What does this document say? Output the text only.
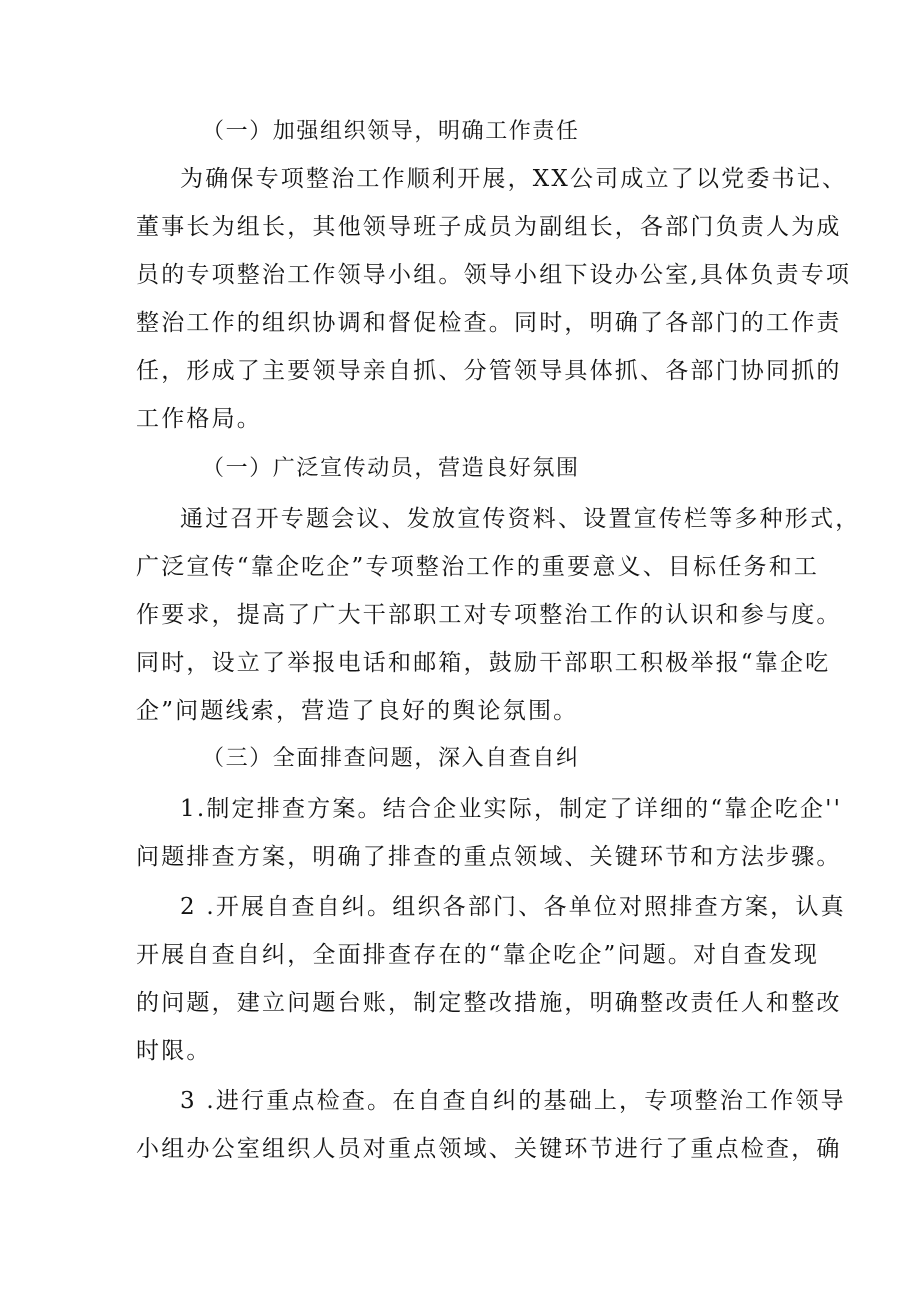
（一）加强组织领导，明确工作责任
为确保专项整治工作顺利开展，XX公司成立了以党委书记、
董事长为组长，其他领导班子成员为副组长，各部门负责人为成
员的专项整治工作领导小组。领导小组下设办公室,具体负责专项
整治工作的组织协调和督促检查。同时，明确了各部门的工作责
任，形成了主要领导亲自抓、分管领导具体抓、各部门协同抓的
工作格局。
（一）广泛宣传动员，营造良好氛围
通过召开专题会议、发放宣传资料、设置宣传栏等多种形式，
广泛宣传“靠企吃企”专项整治工作的重要意义、目标任务和工
作要求，提高了广大干部职工对专项整治工作的认识和参与度。
同时，设立了举报电话和邮箱，鼓励干部职工积极举报“靠企吃
企”问题线索，营造了良好的舆论氛围。
（三）全面排查问题，深入自查自纠
1.制定排查方案。结合企业实际，制定了详细的“靠企吃企''
问题排查方案，明确了排查的重点领域、关键环节和方法步骤。
2 .开展自查自纠。组织各部门、各单位对照排查方案，认真
开展自查自纠，全面排查存在的“靠企吃企”问题。对自查发现
的问题，建立问题台账，制定整改措施，明确整改责任人和整改
时限。
3 .进行重点检查。在自查自纠的基础上，专项整治工作领导
小组办公室组织人员对重点领域、关键环节进行了重点检查，确
